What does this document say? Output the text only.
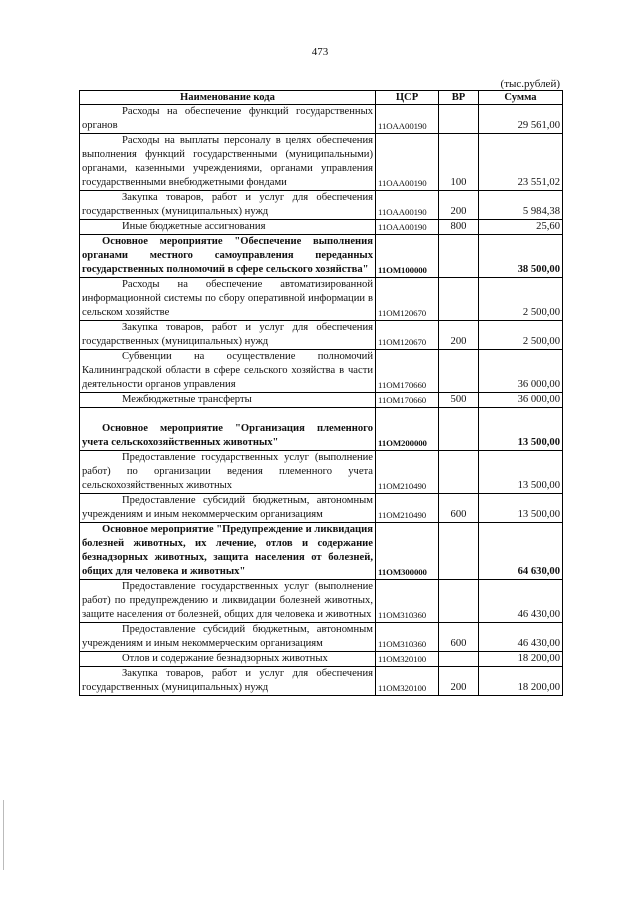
473
(тыс.рублей)
Наименование кода	ЦСР	ВР	Сумма
Расходы на обеспечение функций государственных органов	11OAA00190		29 561,00
Расходы на выплаты персоналу в целях обеспечения выполнения функций государственными (муниципальными) органами, казенными учреждениями, органами управления государственными внебюджетными фондами	11OAA00190	100	23 551,02
Закупка товаров, работ и услуг для обеспечения государственных (муниципальных) нужд	11OAA00190	200	5 984,38
Иные бюджетные ассигнования	11OAA00190	800	25,60
Основное мероприятие "Обеспечение выполнения органами местного самоуправления переданных государственных полномочий в сфере сельского хозяйства"	11OM100000		38 500,00
Расходы на обеспечение автоматизированной информационной системы по сбору оперативной информации в сельском хозяйстве	11OM120670		2 500,00
Закупка товаров, работ и услуг для обеспечения государственных (муниципальных) нужд	11OM120670	200	2 500,00
Субвенции на осуществление полномочий Калининградской области в сфере сельского хозяйства в части деятельности органов управления	11OM170660		36 000,00
Межбюджетные трансферты	11OM170660	500	36 000,00
Основное мероприятие "Организация племенного учета сельскохозяйственных животных"	11OM200000		13 500,00
Предоставление государственных услуг (выполнение работ) по организации ведения племенного учета сельскохозяйственных животных	11OM210490		13 500,00
Предоставление субсидий бюджетным, автономным учреждениям и иным некоммерческим организациям	11OM210490	600	13 500,00
Основное мероприятие "Предупреждение и ликвидация болезней животных, их лечение, отлов и содержание безнадзорных животных, защита населения от болезней, общих для человека и животных"	11OM300000		64 630,00
Предоставление государственных услуг (выполнение работ) по предупреждению и ликвидации болезней животных, защите населения от болезней, общих для человека и животных	11OM310360		46 430,00
Предоставление субсидий бюджетным, автономным учреждениям и иным некоммерческим организациям	11OM310360	600	46 430,00
Отлов и содержание безнадзорных животных	11OM320100		18 200,00
Закупка товаров, работ и услуг для обеспечения государственных (муниципальных) нужд	11OM320100	200	18 200,00
